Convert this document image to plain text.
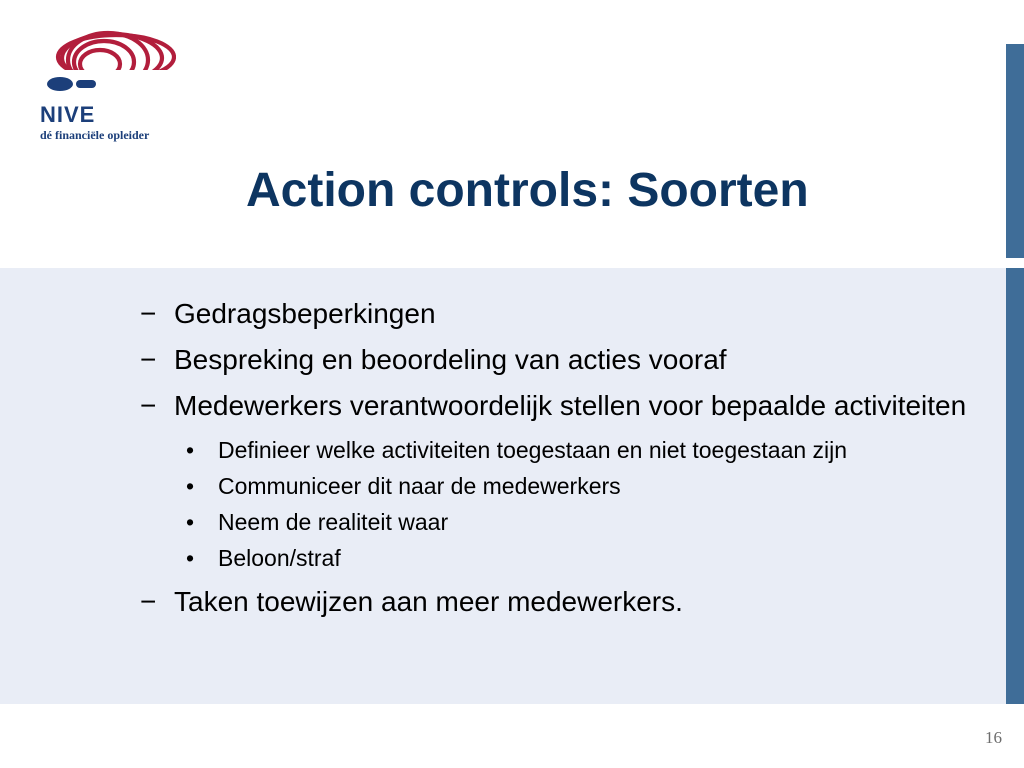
NIVE
dé financiële opleider
Action controls: Soorten
− Gedragsbeperkingen
− Bespreking en beoordeling van acties vooraf
− Medewerkers verantwoordelijk stellen voor bepaalde activiteiten
• Definieer welke activiteiten toegestaan en niet toegestaan zijn
• Communiceer dit naar de medewerkers
• Neem de realiteit waar
• Beloon/straf
− Taken toewijzen aan meer medewerkers.
16
